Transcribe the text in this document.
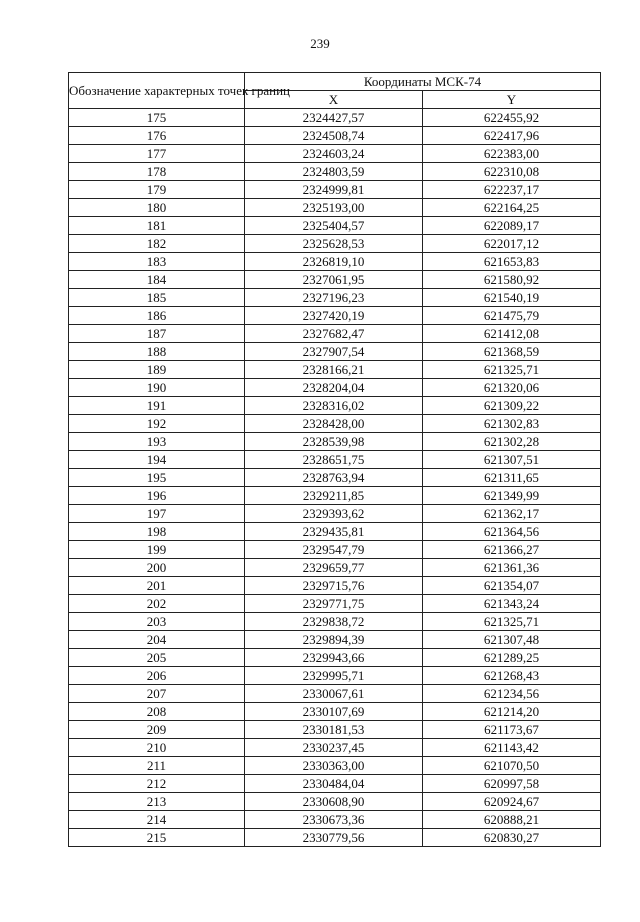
239
Обозначение характерных точек границ	Координаты МСК-74	
	X	Y
175	2324427,57	622455,92
176	2324508,74	622417,96
177	2324603,24	622383,00
178	2324803,59	622310,08
179	2324999,81	622237,17
180	2325193,00	622164,25
181	2325404,57	622089,17
182	2325628,53	622017,12
183	2326819,10	621653,83
184	2327061,95	621580,92
185	2327196,23	621540,19
186	2327420,19	621475,79
187	2327682,47	621412,08
188	2327907,54	621368,59
189	2328166,21	621325,71
190	2328204,04	621320,06
191	2328316,02	621309,22
192	2328428,00	621302,83
193	2328539,98	621302,28
194	2328651,75	621307,51
195	2328763,94	621311,65
196	2329211,85	621349,99
197	2329393,62	621362,17
198	2329435,81	621364,56
199	2329547,79	621366,27
200	2329659,77	621361,36
201	2329715,76	621354,07
202	2329771,75	621343,24
203	2329838,72	621325,71
204	2329894,39	621307,48
205	2329943,66	621289,25
206	2329995,71	621268,43
207	2330067,61	621234,56
208	2330107,69	621214,20
209	2330181,53	621173,67
210	2330237,45	621143,42
211	2330363,00	621070,50
212	2330484,04	620997,58
213	2330608,90	620924,67
214	2330673,36	620888,21
215	2330779,56	620830,27
